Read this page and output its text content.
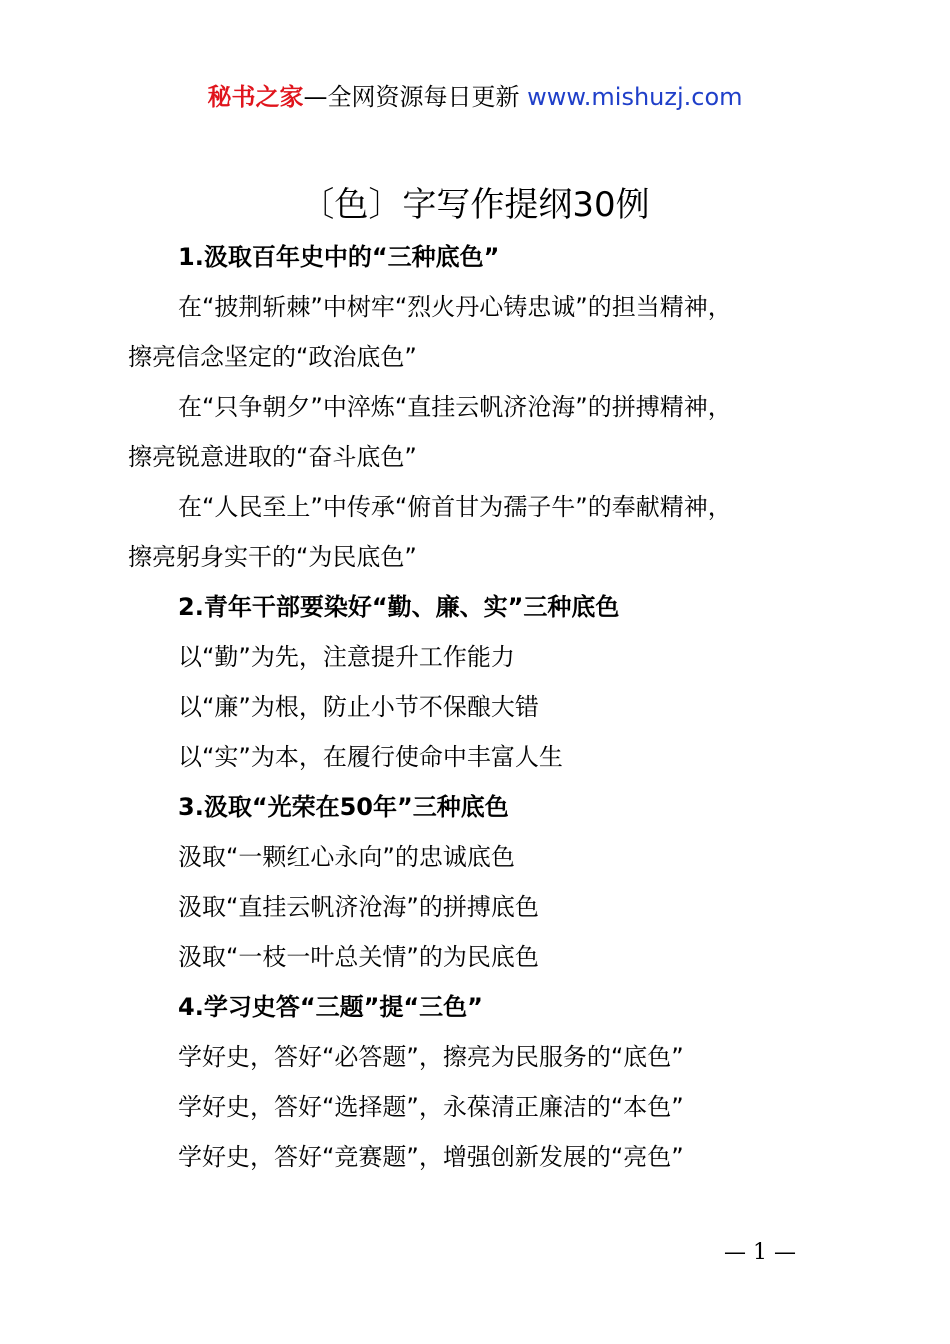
秘书之家—全网资源每日更新 www.mishuzj.com
〔色〕字写作提纲30例
1.汲取百年史中的“三种底色”
在“披荆斩棘”中树牢“烈火丹心铸忠诚”的担当精神，
擦亮信念坚定的“政治底色”
在“只争朝夕”中淬炼“直挂云帆济沧海”的拼搏精神，
擦亮锐意进取的“奋斗底色”
在“人民至上”中传承“俯首甘为孺子牛”的奉献精神，
擦亮躬身实干的“为民底色”
2.青年干部要染好“勤、廉、实”三种底色
以“勤”为先，注意提升工作能力
以“廉”为根，防止小节不保酿大错
以“实”为本，在履行使命中丰富人生
3.汲取“光荣在50年”三种底色
汲取“一颗红心永向”的忠诚底色
汲取“直挂云帆济沧海”的拼搏底色
汲取“一枝一叶总关情”的为民底色
4.学习史答“三题”提“三色”
学好史，答好“必答题”，擦亮为民服务的“底色”
学好史，答好“选择题”，永葆清正廉洁的“本色”
学好史，答好“竞赛题”，增强创新发展的“亮色”
— 1 —
